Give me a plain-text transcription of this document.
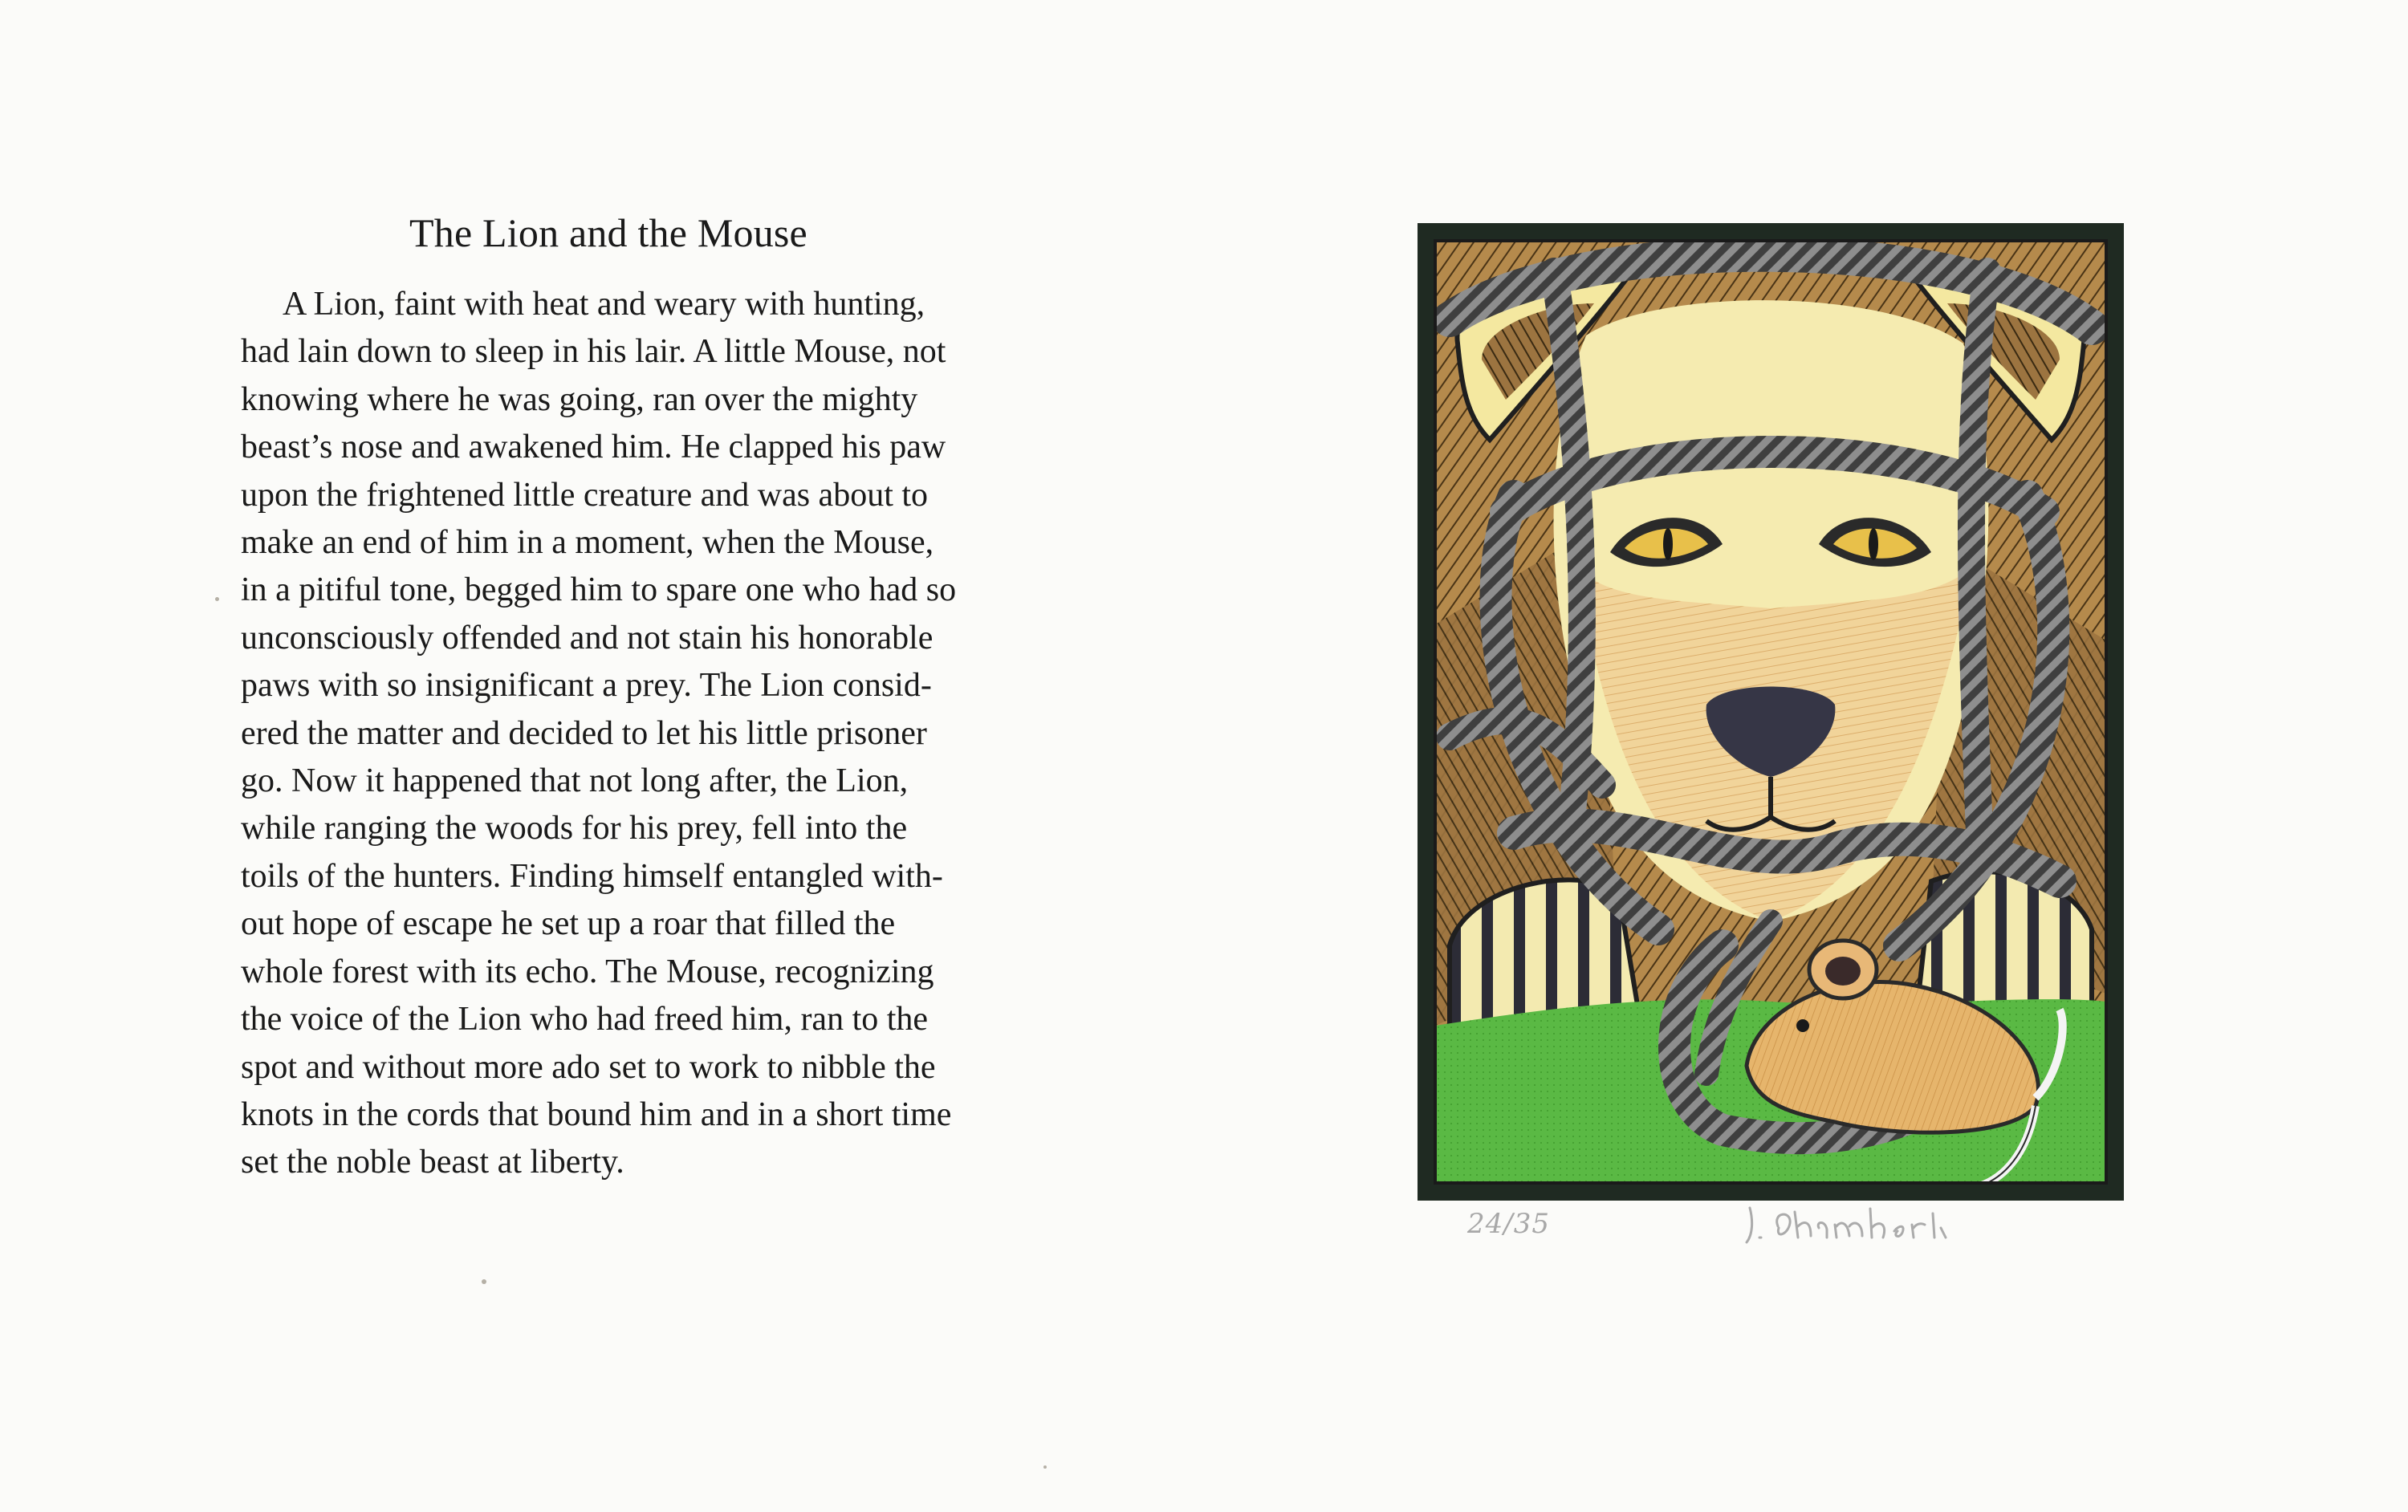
The Lion and the Mouse

A Lion, faint with heat and weary with hunting,
had lain down to sleep in his lair. A little Mouse, not
knowing where he was going, ran over the mighty
beast’s nose and awakened him. He clapped his paw
upon the frightened little creature and was about to
make an end of him in a moment, when the Mouse,
in a pitiful tone, begged him to spare one who had so
unconsciously offended and not stain his honorable
paws with so insignificant a prey. The Lion consid-
ered the matter and decided to let his little prisoner
go. Now it happened that not long after, the Lion,
while ranging the woods for his prey, fell into the
toils of the hunters. Finding himself entangled with-
out hope of escape he set up a roar that filled the
whole forest with its echo. The Mouse, recognizing
the voice of the Lion who had freed him, ran to the
spot and without more ado set to work to nibble the
knots in the cords that bound him and in a short time
set the noble beast at liberty.

24/35
